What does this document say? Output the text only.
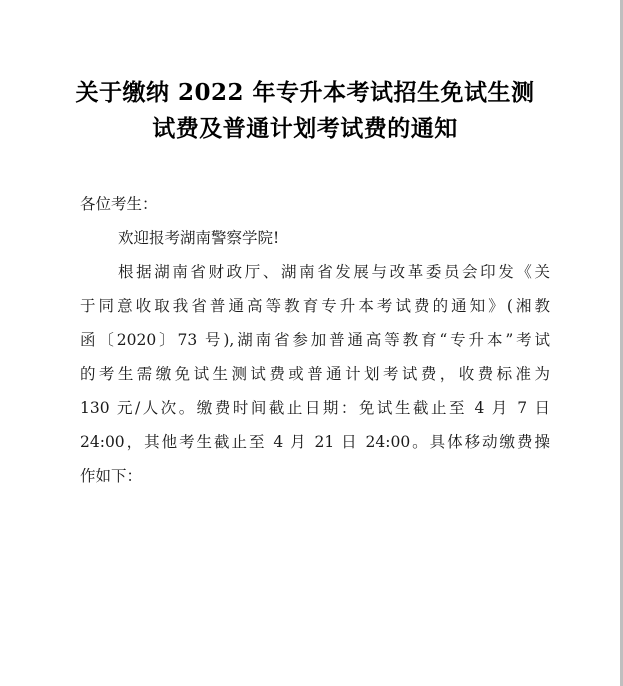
关于缴纳 2022 年专升本考试招生免试生测
试费及普通计划考试费的通知
各位考生：
欢迎报考湖南警察学院!
根据湖南省财政厅、湖南省发展与改革委员会印发《关
于同意收取我省普通高等教育专升本考试费的通知》(湘教
函〔2020〕73 号),湖南省参加普通高等教育“专升本”考试
的考生需缴免试生测试费或普通计划考试费，收费标准为
130 元/人次。缴费时间截止日期：免试生截止至 4 月 7 日
24:00，其他考生截止至 4 月 21 日 24:00。具体移动缴费操
作如下：
